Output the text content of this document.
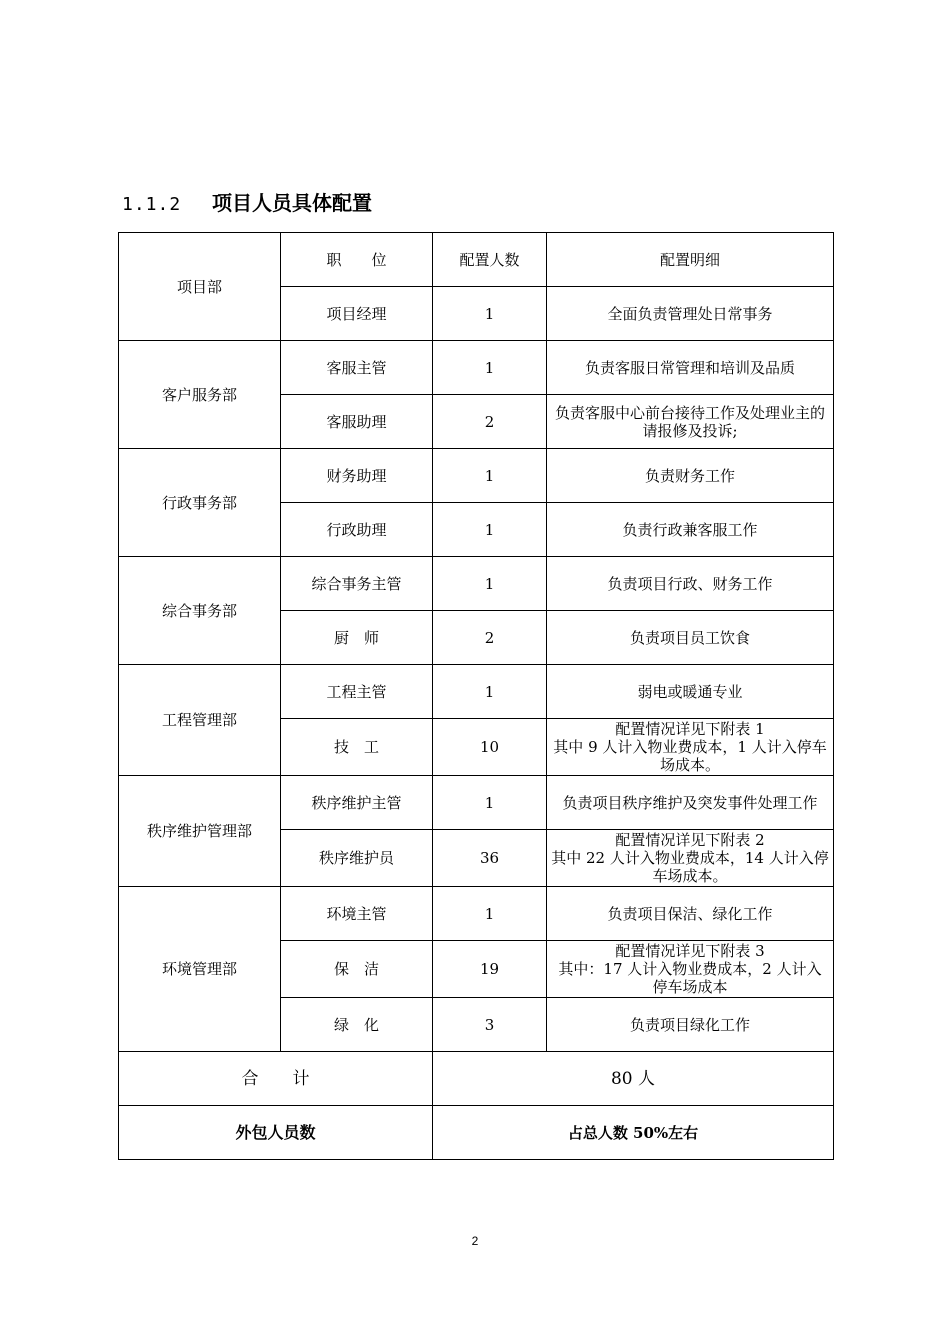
1.1.2 项目人员具体配置
项目部	职　　位	配置人数	配置明细
	项目经理	1	全面负责管理处日常事务
客户服务部	客服主管	1	负责客服日常管理和培训及品质
	客服助理	2	负责客服中心前台接待工作及处理业主的请报修及投诉;
行政事务部	财务助理	1	负责财务工作
	行政助理	1	负责行政兼客服工作
综合事务部	综合事务主管	1	负责项目行政、财务工作
	厨　师	2	负责项目员工饮食
工程管理部	工程主管	1	弱电或暖通专业
	技　工	10	配置情况详见下附表 1
其中 9 人计入物业费成本，1 人计入停车场成本。
秩序维护管理部	秩序维护主管	1	负责项目秩序维护及突发事件处理工作
	秩序维护员	36	配置情况详见下附表 2
其中 22 人计入物业费成本，14 人计入停车场成本。
环境管理部	环境主管	1	负责项目保洁、绿化工作
	保　洁	19	配置情况详见下附表 3
其中：17 人计入物业费成本，2 人计入停车场成本
	绿　化	3	负责项目绿化工作
合　　计		80 人	
外包人员数		占总人数 50%左右	
2
